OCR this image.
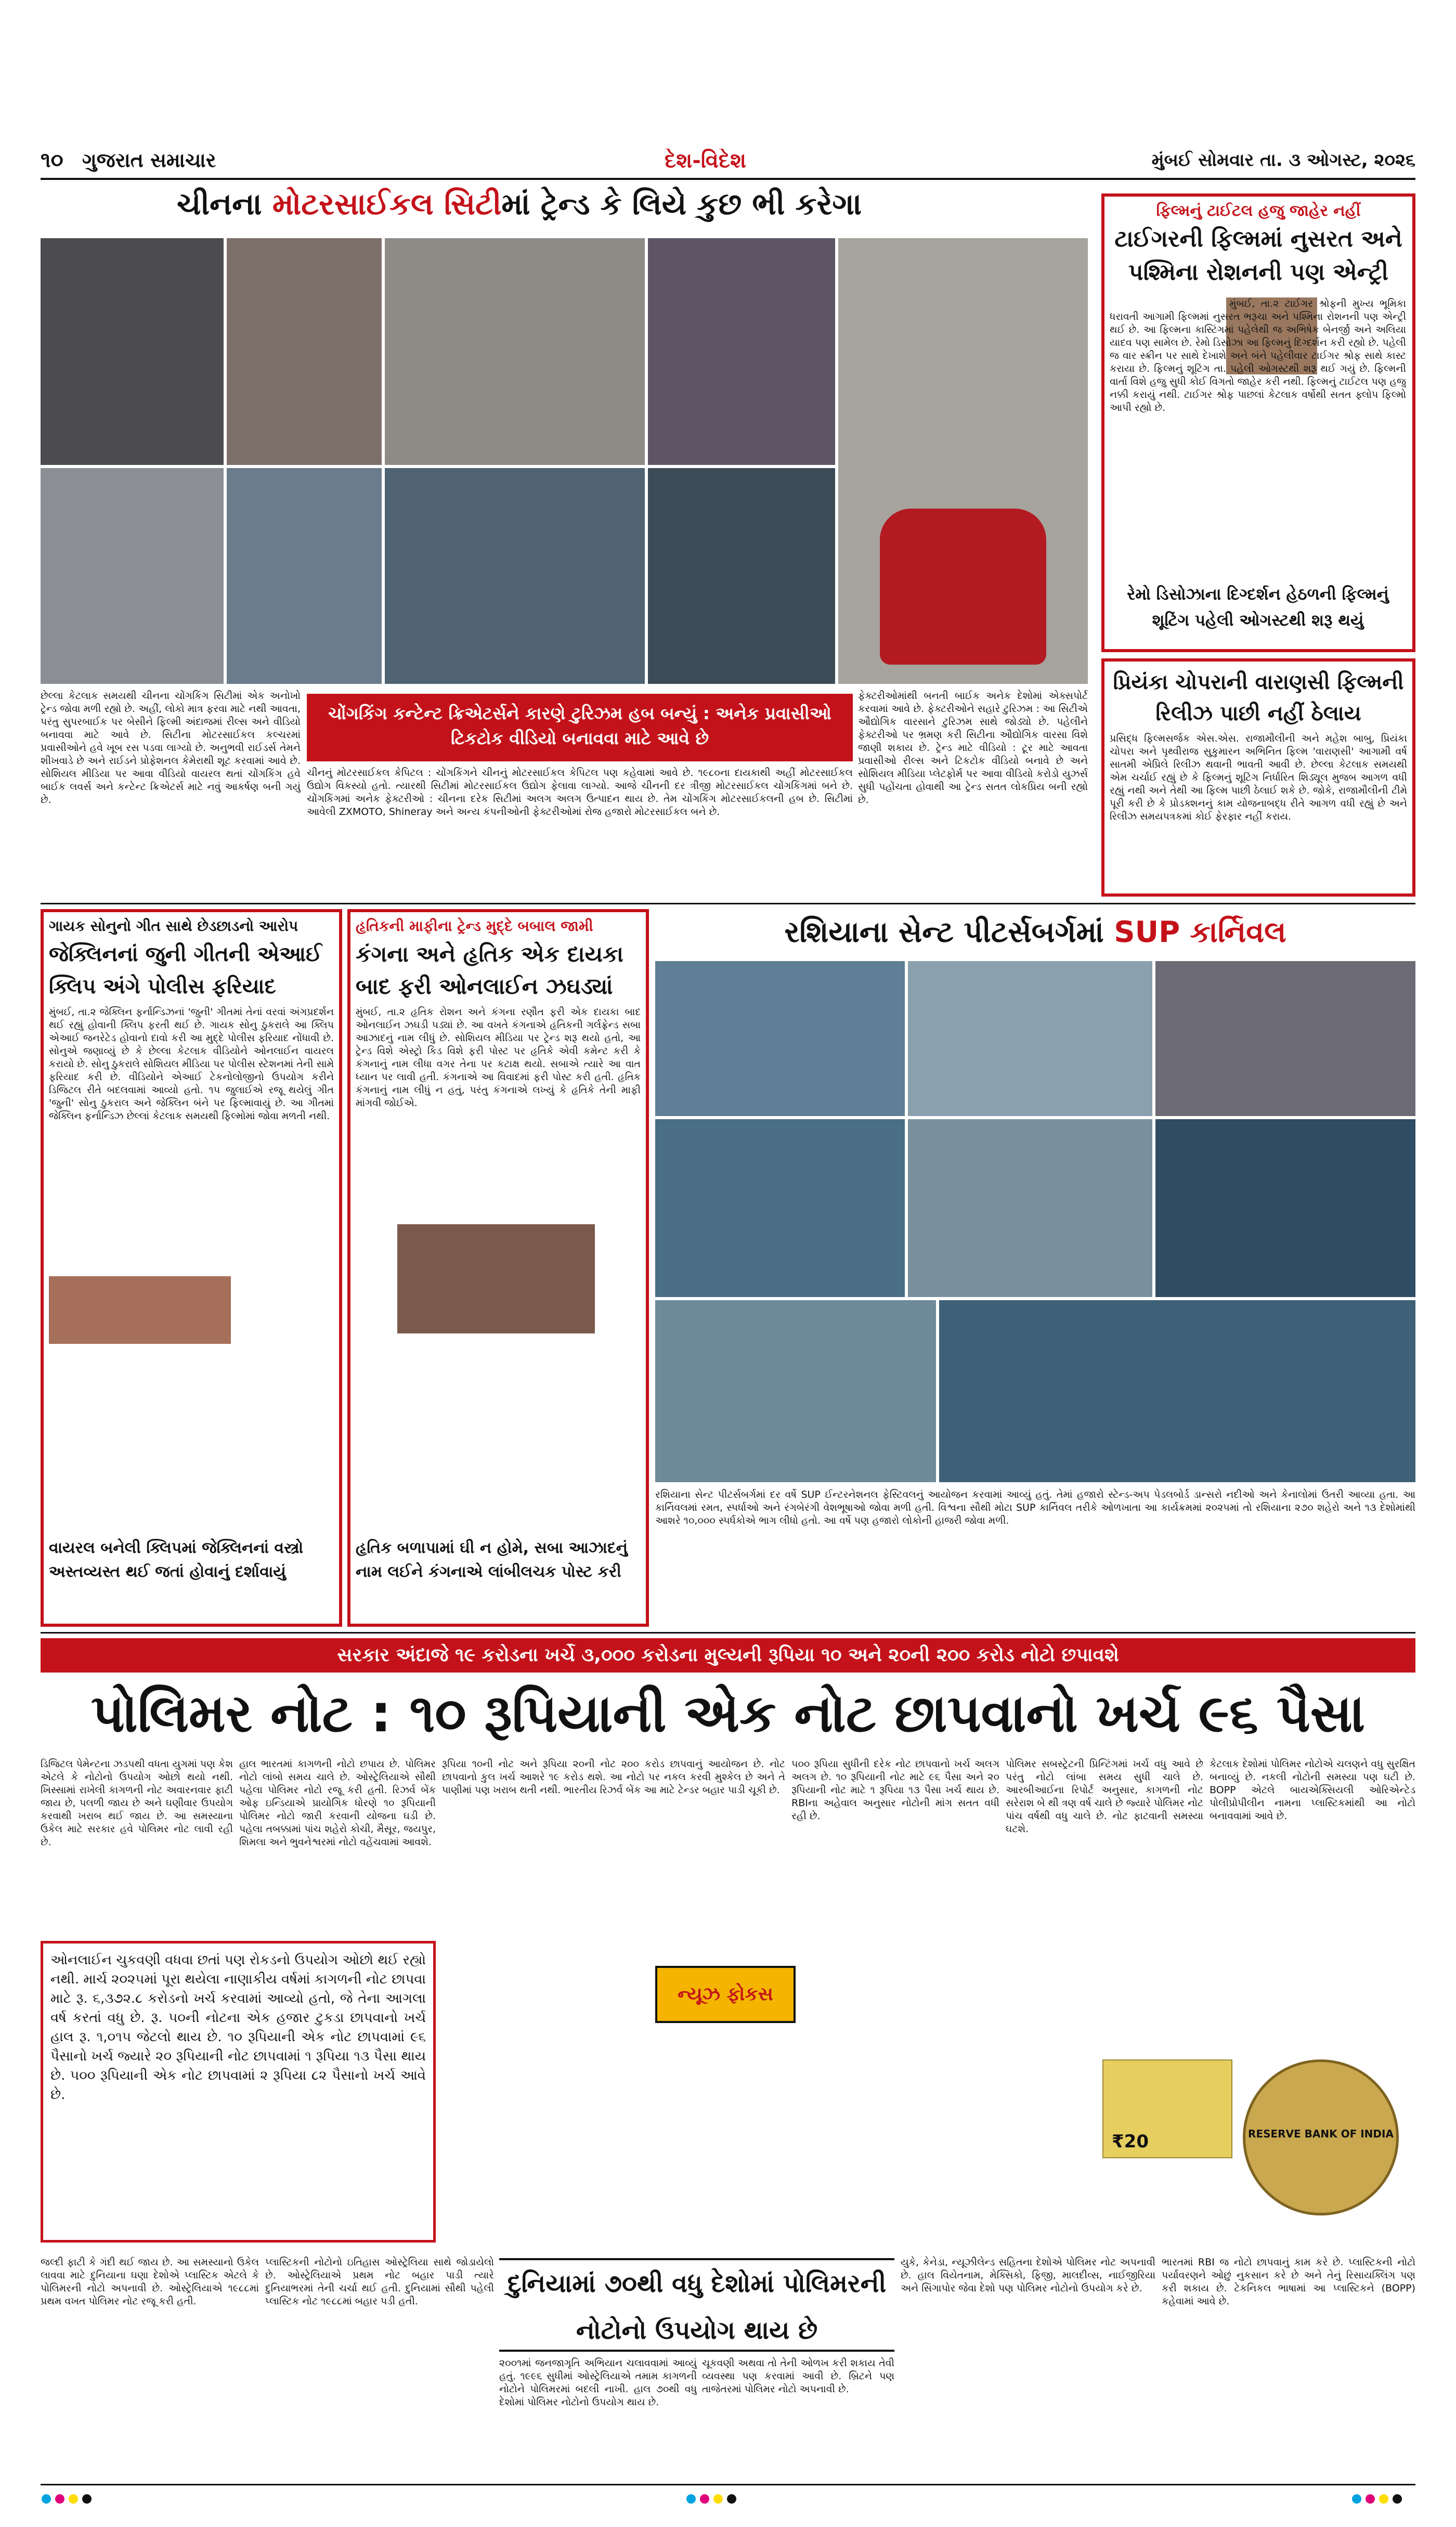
૧૦ ગુજરાત સમાચાર	દેશ-વિદેશ	મુંબઈ સોમવાર તા. ૩ ઓગસ્ટ, ૨૦૨૬
ચીનના મોટરસાઈકલ સિટીમાં ટ્રેન્ડ કે લિયે કુછ ભી કરેગા
છેલ્લા કેટલાક સમયથી ચીનના ચોંગકિંગ સિટીમાં એક અનોખો ટ્રેન્ડ જોવા મળી રહ્યો છે. અહીં, લોકો માત્ર ફરવા માટે નથી આવતા, પરંતુ સુપરબાઈક પર બેસીને ફિલ્મી અંદાજમાં રીલ્સ અને વીડિયો બનાવવા માટે આવે છે. સિટીના મોટરસાઈકલ કલ્ચરમાં પ્રવાસીઓને હવે ખૂબ રસ પડવા લાગ્યો છે. અનુભવી રાઈડર્સ તેમને શીખવાડે છે અને રાઈડને પ્રોફેશનલ કેમેરાથી શૂટ કરવામાં આવે છે. સોશિયલ મીડિયા પર આવા વીડિયો વાયરલ થતાં ચોંગકિંગ હવે બાઈક લવર્સ અને કન્ટેન્ટ ક્રિએટર્સ માટે નવું આકર્ષણ બની ગયું છે.
ચોંગકિંગ કન્ટેન્ટ ક્રિએટર્સને કારણે ટુરિઝમ હબ બન્યું : અનેક પ્રવાસીઓ ટિકટોક વીડિયો બનાવવા માટે આવે છે
ચીનનું મોટરસાઈકલ કેપિટલ : ચોંગકિંગને ચીનનું મોટરસાઈકલ કેપિટલ પણ કહેવામાં આવે છે. ૧૯૮૦ના દાયકાથી અહીં મોટરસાઈકલ ઉદ્યોગ વિકસ્યો હતો. ત્યારથી સિટીમાં મોટરસાઈકલ ઉદ્યોગ ફેલાવા લાગ્યો. આજે ચીનની દર ત્રીજી મોટરસાઈકલ ચોંગકિંગમાં બને છે. ચોંગકિંગમાં અનેક ફેક્ટરીઓ : ચીનના દરેક સિટીમાં અલગ અલગ ઉત્પાદન થાય છે. તેમ ચોંગકિંગ મોટરસાઈકલની હબ છે. સિટીમાં આવેલી ZXMOTO, Shineray અને અન્ય કંપનીઓની ફેક્ટરીઓમાં રોજ હજારો મોટરસાઈકલ બને છે.
ફેક્ટરીઓમાંથી બનતી બાઈક અનેક દેશોમાં એક્સપોર્ટ કરવામાં આવે છે. ફેક્ટરીઓને સહારે ટુરિઝમ : આ સિટીએ ઔદ્યોગિક વારસાને ટુરિઝમ સાથે જોડ્યો છે. પહેલીને ફેક્ટરીઓ પર ભ્રમણ કરી સિટીના ઔદ્યોગિક વારસા વિશે જાણી શકાય છે. ટ્રેન્ડ માટે વીડિયો : ટૂર માટે આવતા પ્રવાસીઓ રીલ્સ અને ટિકટોક વીડિયો બનાવે છે અને સોશિયલ મીડિયા પ્લેટફોર્મ પર આવા વીડિયો કરોડો યુઝર્સ સુધી પહોંચતા હોવાથી આ ટ્રેન્ડ સતત લોકપ્રિય બની રહ્યો છે.
ફિલ્મનું ટાઈટલ હજુ જાહેર નહીં
ટાઈગરની ફિલ્મમાં નુસરત અને પશ્મિના રોશનની પણ એન્ટ્રી
મુંબઈ, તા.૨ ટાઈગર શ્રોફની મુખ્ય ભૂમિકા ધરાવતી આગામી ફિલ્મમાં નુસરત ભરૂચા અને પશ્મિના રોશનની પણ એન્ટ્રી થઈ છે. આ ફિલ્મના કાસ્ટિંગમાં પહેલેથી જ અભિષેક બેનર્જી અને અલિયા યાદવ પણ સામેલ છે. રેમો ડિસોઝા આ ફિલ્મનું દિગ્દર્શન કરી રહ્યો છે. પહેલી જ વાર સ્ક્રીન પર સાથે દેખાશે અને બંને પહેલીવાર ટાઈગર શ્રોફ સાથે કાસ્ટ કરાયા છે. ફિલ્મનું શૂટિંગ તા. પહેલી ઓગસ્ટથી શરૂ થઈ ગયું છે. ફિલ્મની વાર્તા વિશે હજુ સુધી કોઈ વિગતો જાહેર કરી નથી. ફિલ્મનું ટાઈટલ પણ હજુ નક્કી કરાયું નથી. ટાઈગર શ્રોફ પાછલાં કેટલાક વર્ષોથી સતત ફ્લોપ ફિલ્મો આપી રહ્યો છે.
રેમો ડિસોઝાના દિગ્દર્શન હેઠળની ફિલ્મનું શૂટિંગ પહેલી ઓગસ્ટથી શરૂ થયું
પ્રિયંકા ચોપરાની વારાણસી ફિલ્મની રિલીઝ પાછી નહીં ઠેલાય
પ્રસિદ્ધ ફિલ્મસર્જક એસ.એસ. રાજામૌલીની અને મહેશ બાબુ, પ્રિયંકા ચોપરા અને પૃથ્વીરાજ સુકુમારન અભિનિત ફિલ્મ 'વારાણસી' આગામી વર્ષ સાતમી એપ્રિલે રિલીઝ થવાની ભાવતી આવી છે. છેલ્લા કેટલાક સમયથી એમ ચર્ચાઈ રહ્યું છે કે ફિલ્મનું શૂટિંગ નિર્ધારિત શિડ્યૂલ મુજબ આગળ વધી રહ્યું નથી અને તેથી આ ફિલ્મ પાછી ઠેલાઈ શકે છે. જોકે, રાજામૌલીની ટીમે પૂરી કરી છે કે પ્રોડક્શનનું કામ યોજનાબદ્ધ રીતે આગળ વધી રહ્યું છે અને રિલીઝ સમયપત્રકમાં કોઈ ફેરફાર નહીં કરાય.
ગાયક સોનુનો ગીત સાથે છેડછાડનો આરોપ
જેક્લિનનાં જુની ગીતની એઆઈ ક્લિપ અંગે પોલીસ ફરિયાદ
મુંબઈ, તા.૨ જેક્લિન ફર્નાન્ડિઝનાં 'જુની' ગીતમાં તેનાં વરવાં અંગપ્રદર્શન થઈ રહ્યું હોવાની ક્લિપ ફરતી થઈ છે. ગાયક સોનુ ઠુકરાલે આ ક્લિપ એઆઈ જનરેટેડ હોવાનો દાવો કરી આ મુદ્દે પોલીસ ફરિયાદ નોંધાવી છે. સોનુએ જણાવ્યું છે કે છેલ્લા કેટલાક વીડિયોને ઓનલાઈન વાયરલ કરાયો છે. સોનુ ઠુકરાલે સોશિયલ મીડિયા પર પોલીસ સ્ટેશનમાં તેની સામે ફરિયાદ કરી છે. વીડિયોને એઆઈ ટેકનોલોજીનો ઉપયોગ કરીને ડિજિટલ રીતે બદલવામાં આવ્યો હતો. ૧૫ જુલાઈએ રજૂ થયેલું ગીત 'જુની' સોનુ ઠુકરાલ અને જેક્લિન બંને પર ફિલ્માવાયું છે. આ ગીતમાં જેક્લિન ફર્નાન્ડિઝ છેલ્લાં કેટલાક સમયથી ફિલ્મોમાં જોવા મળતી નથી.
વાયરલ બનેલી ક્લિપમાં જેક્લિનનાં વસ્ત્રો અસ્તવ્યસ્ત થઈ જતાં હોવાનું દર્શાવાયું
હૃતિકની માફીના ટ્રેન્ડ મુદ્દે બબાલ જામી
કંગના અને હૃતિક એક દાયકા બાદ ફરી ઓનલાઈન ઝઘડ્યાં
મુંબઈ, તા.૨ હૃતિક રોશન અને કંગના રણૌત ફરી એક દાયકા બાદ ઓનલાઈન ઝઘડી પડ્યાં છે. આ વખતે કંગનાએ હૃતિકની ગર્લફ્રેન્ડ સબા આઝાદનું નામ લીધું છે. સોશિયલ મીડિયા પર ટ્રેન્ડ શરૂ થયો હતો, આ ટ્રેન્ડ વિશે એસ્ટ્રો કિડ વિશે ફરી પોસ્ટ પર હૃતિકે એવી કમેન્ટ કરી કે કંગનાનું નામ લીધા વગર તેના પર કટાક્ષ થયો. સબાએ ત્યારે આ વાત ધ્યાન પર લાવી હતી. કંગનાએ આ વિવાદમાં ફરી પોસ્ટ કરી હતી. હૃતિક કંગનાનું નામ લીધું ન હતું, પરંતુ કંગનાએ લખ્યું કે હૃતિકે તેની માફી માંગવી જોઈએ.
હૃતિક બળાપામાં ઘી ન હોમે, સબા આઝાદનું નામ લઈને કંગનાએ લાંબીલચક પોસ્ટ કરી
રશિયાના સેન્ટ પીટર્સબર્ગમાં SUP કાર્નિવલ
રશિયાના સેન્ટ પીટર્સબર્ગમાં દર વર્ષે SUP ઈન્ટરનેશનલ ફેસ્ટિવલનું આયોજન કરવામાં આવ્યું હતું. તેમાં હજારો સ્ટેન્ડ-અપ પેડલબોર્ડ ડાન્સરો નદીઓ અને કેનાલોમાં ઉતરી આવ્યા હતા. આ કાર્નિવલમાં રમત, સ્પર્ધાઓ અને રંગબેરંગી વેશભૂષાઓ જોવા મળી હતી. વિશ્વના સૌથી મોટા SUP કાર્નિવલ તરીકે ઓળખાતા આ કાર્યક્રમમાં ૨૦૨૫માં તો રશિયાના ૨૭૦ શહેરો અને ૧૩ દેશોમાંથી આશરે ૧૦,૦૦૦ સ્પર્ધકોએ ભાગ લીધો હતો. આ વર્ષે પણ હજારો લોકોની હાજરી જોવા મળી.
સરકાર અંદાજે ૧૯ કરોડના ખર્ચે ૩,૦૦૦ કરોડના મુલ્યની રૂપિયા ૧૦ અને ૨૦ની ૨૦૦ કરોડ નોટો છપાવશે
પોલિમર નોટ : ૧૦ રૂપિયાની એક નોટ છાપવાનો ખર્ચ ૯૬ પૈસા
ડિજિટલ પેમેન્ટના ઝડપથી વધતા યુગમાં પણ કેશ એટલે કે નોટોનો ઉપયોગ ઓછો થયો નથી. ખિસ્સામાં રાખેલી કાગળની નોટ અવારનવાર ફાટી જાય છે, પલળી જાય છે અને ઘણીવાર ઉપયોગ કરવાથી ખરાબ થઈ જાય છે. આ સમસ્યાના ઉકેલ માટે સરકાર હવે પોલિમર નોટ લાવી રહી છે.
ઓનલાઈન ચુકવણી વધવા છતાં પણ રોકડનો ઉપયોગ ઓછો થઈ રહ્યો નથી. માર્ચ ૨૦૨૫માં પૂરા થયેલા નાણાકીય વર્ષમાં કાગળની નોટ છાપવા માટે રૂ. ૬,૩૭૨.૮ કરોડનો ખર્ચ કરવામાં આવ્યો હતો, જે તેના આગલા વર્ષ કરતાં વધુ છે. રૂ. ૫૦ની નોટના એક હજાર ટુકડા છાપવાનો ખર્ચ હાલ રૂ. ૧,૦૧૫ જેટલો થાય છે. ૧૦ રૂપિયાની એક નોટ છાપવામાં ૯૬ પૈસાનો ખર્ચ જ્યારે ૨૦ રૂપિયાની નોટ છાપવામાં ૧ રૂપિયા ૧૩ પૈસા થાય છે. ૫૦૦ રૂપિયાની એક નોટ છાપવામાં ૨ રૂપિયા ૮૨ પૈસાનો ખર્ચ આવે છે.
હાલ ભારતમાં કાગળની નોટો છપાય છે. પોલિમર નોટો લાંબો સમય ચાલે છે. ઓસ્ટ્રેલિયાએ સૌથી પહેલા પોલિમર નોટો રજૂ કરી હતી. રિઝર્વ બેંક ઓફ ઇન્ડિયાએ પ્રાયોગિક ધોરણે ૧૦ રૂપિયાની પોલિમર નોટો જારી કરવાની યોજના ઘડી છે. પહેલા તબક્કામાં પાંચ શહેરો કોચી, મૈસૂર, જયપુર, શિમલા અને ભુવનેશ્વરમાં નોટો વહેંચવામાં આવશે.
રૂપિયા ૧૦ની નોટ અને રૂપિયા ૨૦ની નોટ ૨૦૦ કરોડ છાપવાનું આયોજન છે. નોટ છાપવાનો કુલ ખર્ચ આશરે ૧૯ કરોડ થશે. આ નોટો પર નકલ કરવી મુશ્કેલ છે અને તે પાણીમાં પણ ખરાબ થતી નથી. ભારતીય રિઝર્વ બેંક આ માટે ટેન્ડર બહાર પાડી ચૂકી છે.
ન્યૂઝ ફોકસ
૫૦૦ રૂપિયા સુધીની દરેક નોટ છાપવાનો ખર્ચ અલગ અલગ છે. ૧૦ રૂપિયાની નોટ માટે ૯૬ પૈસા અને ૨૦ રૂપિયાની નોટ માટે ૧ રૂપિયા ૧૩ પૈસા ખર્ચ થાય છે. RBIના અહેવાલ અનુસાર નોટોની માંગ સતત વધી રહી છે.
પોલિમર સબસ્ટ્રેટની પ્રિન્ટિંગમાં ખર્ચ વધુ આવે છે પરંતુ નોટો લાંબા સમય સુધી ચાલે છે. આરબીઆઈના રિપોર્ટ અનુસાર, કાગળની નોટ સરેરાશ બે થી ત્રણ વર્ષ ચાલે છે જ્યારે પોલિમર નોટ પાંચ વર્ષથી વધુ ચાલે છે. નોટ ફાટવાની સમસ્યા ઘટશે.
કેટલાક દેશોમાં પોલિમર નોટોએ ચલણને વધુ સુરક્ષિત બનાવ્યું છે. નકલી નોટોની સમસ્યા પણ ઘટી છે. BOPP એટલે બાયએક્સિયલી ઓરિએન્ટેડ પોલીપ્રોપીલીન નામના પ્લાસ્ટિકમાંથી આ નોટો બનાવવામાં આવે છે.
₹20	RESERVE BANK OF INDIA
દુનિયામાં ૭૦થી વધુ દેશોમાં પોલિમરની નોટોનો ઉપયોગ થાય છે
જલ્દી ફાટી કે ગંદી થઈ જાય છે. આ સમસ્યાનો ઉકેલ લાવવા માટે દુનિયાના ઘણા દેશોએ પ્લાસ્ટિક એટલે કે પોલિમરની નોટો અપનાવી છે. ઓસ્ટ્રેલિયાએ ૧૯૮૮માં પ્રથમ વખત પોલિમર નોટ રજૂ કરી હતી.
પ્લાસ્ટિકની નોટોનો ઇતિહાસ ઓસ્ટ્રેલિયા સાથે જોડાયેલો છે. ઓસ્ટ્રેલિયાએ પ્રથમ નોટ બહાર પાડી ત્યારે દુનિયાભરમાં તેની ચર્ચા થઈ હતી. દુનિયામાં સૌથી પહેલી પ્લાસ્ટિક નોટ ૧૯૮૮માં બહાર પડી હતી.
૨૦૦૧માં જનજાગૃતિ અભિયાન ચલાવવામાં આવ્યું હતું. ૧૯૯૬ સુધીમાં ઓસ્ટ્રેલિયાએ તમામ કાગળની નોટોને પોલિમરમાં બદલી નાખી. હાલ ૭૦થી વધુ દેશોમાં પોલિમર નોટોનો ઉપયોગ થાય છે.
ચૂકવણી અથવા તો તેની ઓળખ કરી શકાય તેવી વ્યવસ્થા પણ કરવામાં આવી છે. બ્રિટને પણ તાજેતરમાં પોલિમર નોટો અપનાવી છે.
યુકે, કેનેડા, ન્યૂઝીલેન્ડ સહિતના દેશોએ પોલિમર નોટ અપનાવી છે. હાલ વિયેતનામ, મેક્સિકો, ફિજી, માલદીવ્સ, નાઈજીરિયા અને સિંગાપોર જેવા દેશો પણ પોલિમર નોટોનો ઉપયોગ કરે છે.
ભારતમાં RBI જ નોટો છાપવાનું કામ કરે છે. પ્લાસ્ટિકની નોટો પર્યાવરણને ઓછું નુકસાન કરે છે અને તેનું રિસાયક્લિંગ પણ કરી શકાય છે. ટેકનિકલ ભાષામાં આ પ્લાસ્ટિકને (BOPP) કહેવામાં આવે છે.
